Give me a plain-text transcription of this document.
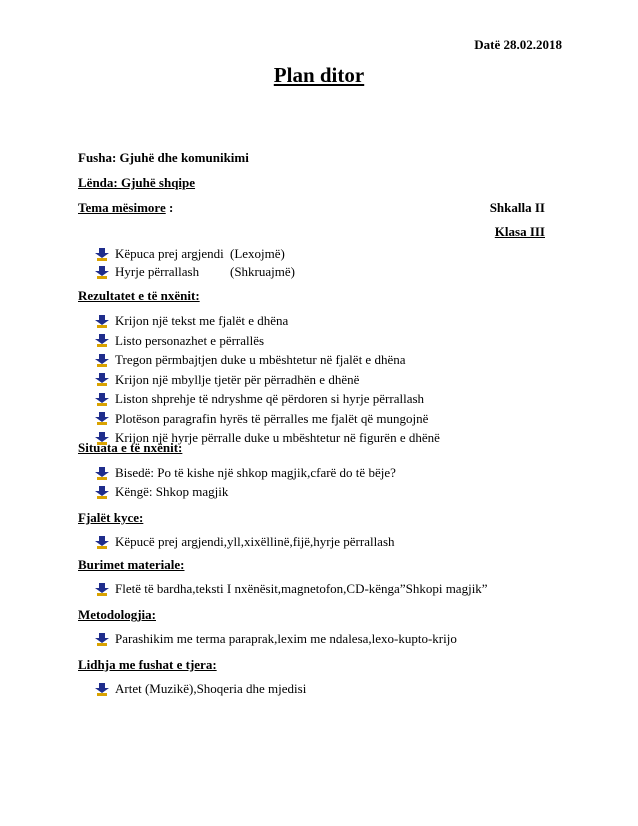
Datë 28.02.2018
Plan ditor
Fusha: Gjuhë dhe komunikimi
Lënda: Gjuhë shqipe
Tema mësimore :	Shkalla II
Klasa III
Këpuca prej argjendi (Lexojmë)
Hyrje përrallash (Shkruajmë)
Rezultatet e të nxënit:
Krijon një tekst me fjalët e dhëna
Listo personazhet e përrallës
Tregon përmbajtjen duke u mbështetur në fjalët e dhëna
Krijon një mbyllje tjetër për përradhën e dhënë
Liston shprehje të ndryshme që përdoren si hyrje përrallash
Plotëson paragrafin hyrës të përralles me fjalët që mungojnë
Krijon një hyrje përralle duke u mbështetur në figurën e dhënë
Situata e të nxënit:
Bisedë: Po të kishe një shkop magjik,cfarë do të bëje?
Këngë: Shkop magjik
Fjalët kyce:
Këpucë prej argjendi,yll,xixëllinë,fijë,hyrje përrallash
Burimet materiale:
Fletë të bardha,teksti I nxënësit,magnetofon,CD-kënga”Shkopi magjik”
Metodologjia:
Parashikim me terma paraprak,lexim me ndalesa,lexo-kupto-krijo
Lidhja me fushat e tjera:
Artet (Muzikë),Shoqeria dhe mjedisi
